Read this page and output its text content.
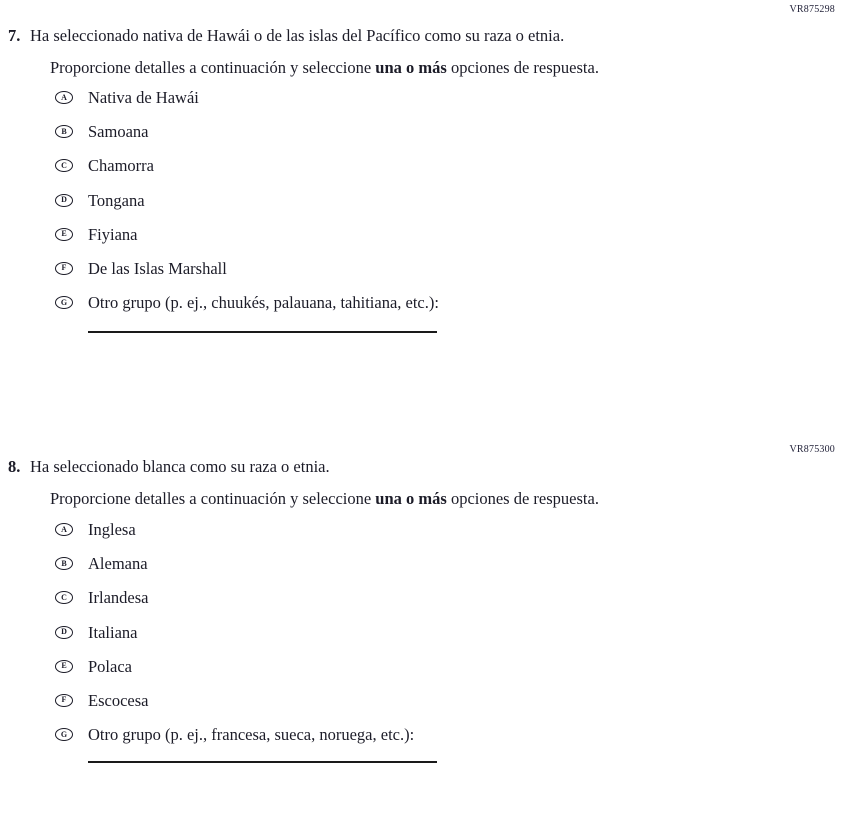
VR875298
7. Ha seleccionado nativa de Hawái o de las islas del Pacífico como su raza o etnia.
Proporcione detalles a continuación y seleccione una o más opciones de respuesta.
A	Nativa de Hawái
B	Samoana
C	Chamorra
D	Tongana
E	Fiyiana
F	De las Islas Marshall
G	Otro grupo (p. ej., chuukés, palauana, tahitiana, etc.):
VR875300
8. Ha seleccionado blanca como su raza o etnia.
Proporcione detalles a continuación y seleccione una o más opciones de respuesta.
A	Inglesa
B	Alemana
C	Irlandesa
D	Italiana
E	Polaca
F	Escocesa
G	Otro grupo (p. ej., francesa, sueca, noruega, etc.):
